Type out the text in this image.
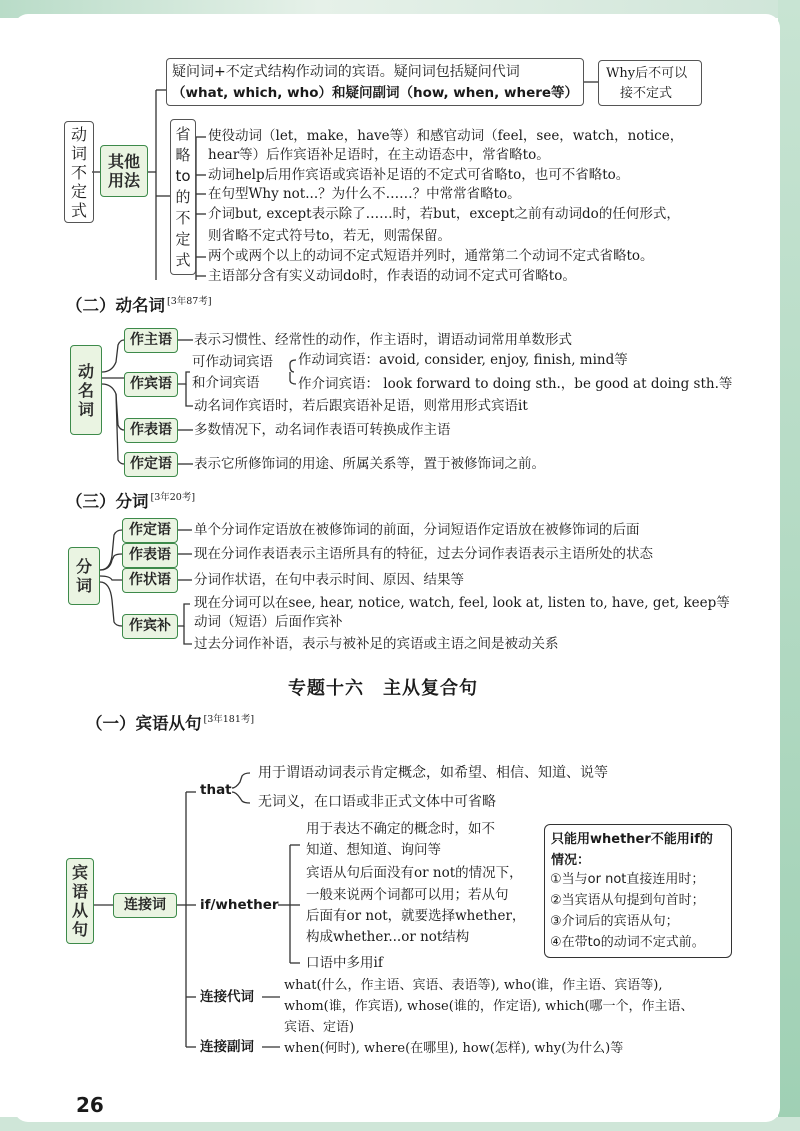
动
词
不
定
式
其他
用法
疑问词+不定式结构作动词的宾语。疑问词包括疑问代词
（what, which, who）和疑问副词（how, when, where等）
Why后不可以
接不定式
省
略
to
的
不
定
式
使役动词（let，make，have等）和感官动词（feel，see，watch，notice，
hear等）后作宾语补足语时，在主动语态中，常省略to。
动词help后用作宾语或宾语补足语的不定式可省略to，也可不省略to。
在句型Why not...？为什么不……？中常常省略to。
介词but, except表示除了……时，若but，except之前有动词do的任何形式，
则省略不定式符号to，若无，则需保留。
两个或两个以上的动词不定式短语并列时，通常第二个动词不定式省略to。
主语部分含有实义动词do时，作表语的动词不定式可省略to。
（二）动名词 [3年87考]
动
名
词
作主语
作宾语
作表语
作定语
表示习惯性、经常性的动作，作主语时，谓语动词常用单数形式
可作动词宾语
和介词宾语
作动词宾语：avoid, consider, enjoy, finish, mind等
作介词宾语： look forward to doing sth.，be good at doing sth.等
动名词作宾语时，若后跟宾语补足语，则常用形式宾语it
多数情况下，动名词作表语可转换成作主语
表示它所修饰词的用途、所属关系等，置于被修饰词之前。
（三）分词 [3年20考]
分
词
作定语
作表语
作状语
作宾补
单个分词作定语放在被修饰词的前面，分词短语作定语放在被修饰词的后面
现在分词作表语表示主语所具有的特征，过去分词作表语表示主语所处的状态
分词作状语，在句中表示时间、原因、结果等
现在分词可以在see, hear, notice, watch, feel, look at, listen to, have, get, keep等
动词（短语）后面作宾补
过去分词作补语，表示与被补足的宾语或主语之间是被动关系
专题十六　主从复合句
（一）宾语从句 [3年181考]
宾
语
从
句
连接词
that
用于谓语动词表示肯定概念，如希望、相信、知道、说等
无词义，在口语或非正式文体中可省略
if/whether
用于表达不确定的概念时，如不
知道、想知道、询问等
宾语从句后面没有or not的情况下，
一般来说两个词都可以用；若从句
后面有or not，就要选择whether，
构成whether...or not结构
口语中多用if
只能用whether不能用if的
情况：
①当与or not直接连用时；
②当宾语从句提到句首时；
③介词后的宾语从句；
④在带to的动词不定式前。
连接代词
what(什么，作主语、宾语、表语等), who(谁，作主语、宾语等),
whom(谁，作宾语), whose(谁的，作定语), which(哪一个，作主语、
宾语、定语)
连接副词 when(何时), where(在哪里), how(怎样), why(为什么)等
26
